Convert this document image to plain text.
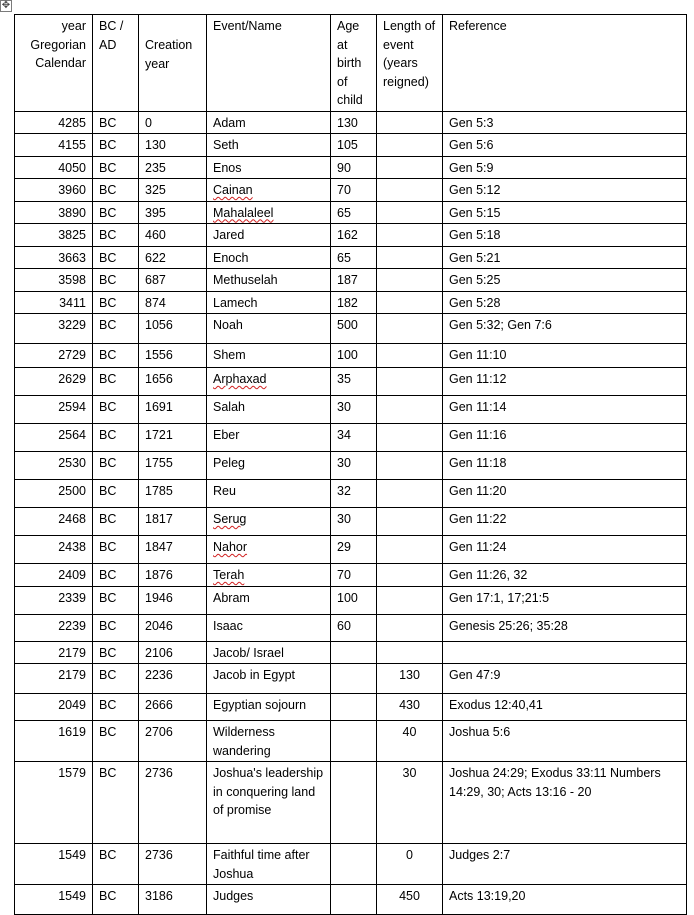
✥
year Gregorian Calendar	BC / AD	Creation year	Event/Name	Age at birth of child	Length of event (years reigned)	Reference
4285	BC	0	Adam	130		Gen 5:3
4155	BC	130	Seth	105		Gen 5:6
4050	BC	235	Enos	90		Gen 5:9
3960	BC	325	Cainan	70		Gen 5:12
3890	BC	395	Mahalaleel	65		Gen 5:15
3825	BC	460	Jared	162		Gen 5:18
3663	BC	622	Enoch	65		Gen 5:21
3598	BC	687	Methuselah	187		Gen 5:25
3411	BC	874	Lamech	182		Gen 5:28
3229	BC	1056	Noah	500		Gen 5:32; Gen 7:6
2729	BC	1556	Shem	100		Gen 11:10
2629	BC	1656	Arphaxad	35		Gen 11:12
2594	BC	1691	Salah	30		Gen 11:14
2564	BC	1721	Eber	34		Gen 11:16
2530	BC	1755	Peleg	30		Gen 11:18
2500	BC	1785	Reu	32		Gen 11:20
2468	BC	1817	Serug	30		Gen 11:22
2438	BC	1847	Nahor	29		Gen 11:24
2409	BC	1876	Terah	70		Gen 11:26, 32
2339	BC	1946	Abram	100		Gen 17:1, 17;21:5
2239	BC	2046	Isaac	60		Genesis 25:26; 35:28
2179	BC	2106	Jacob/ Israel			
2179	BC	2236	Jacob in Egypt		130	Gen 47:9
2049	BC	2666	Egyptian sojourn		430	Exodus 12:40,41
1619	BC	2706	Wilderness wandering		40	Joshua 5:6
1579	BC	2736	Joshua's leadership in conquering land of promise		30	Joshua 24:29; Exodus 33:11 Numbers 14:29, 30; Acts 13:16 - 20
1549	BC	2736	Faithful time after Joshua		0	Judges 2:7
1549	BC	3186	Judges		450	Acts 13:19,20
